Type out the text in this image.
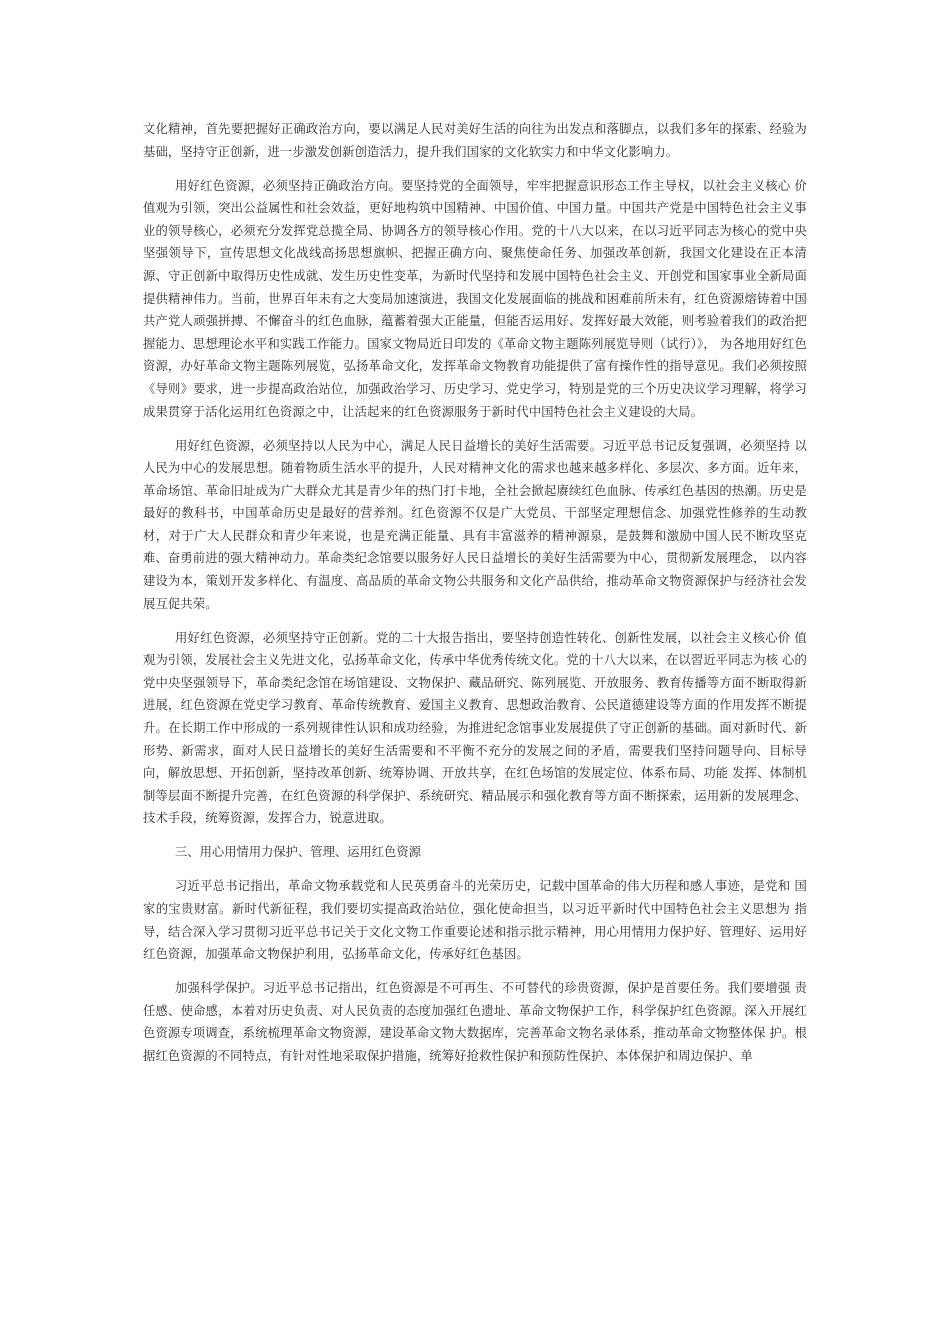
文化精神，首先要把握好正确政治方向，要以满足人民对美好生活的向往为出发点和落脚点，以我们多年的探索、经验为基础，坚持守正创新，进一步激发创新创造活力，提升我们国家的文化软实力和中华文化影响力。

用好红色资源，必须坚持正确政治方向。要坚持党的全面领导，牢牢把握意识形态工作主导权，以社会主义核心 价值观为引领，突出公益属性和社会效益，更好地构筑中国精神、中国价值、中国力量。中国共产党是中国特色社会主义事业的领导核心，必须充分发挥党总揽全局、协调各方的领导核心作用。党的十八大以来，在以习近平同志为核心的党中央坚强领导下，宣传思想文化战线高扬思想旗帜、把握正确方向、聚焦使命任务、加强改革创新，我国文化建设在正本清源、守正创新中取得历史性成就、发生历史性变革，为新时代坚持和发展中国特色社会主义、开创党和国家事业全新局面提供精神伟力。当前，世界百年未有之大变局加速演进，我国文化发展面临的挑战和困难前所未有，红色资源熔铸着中国共产党人顽强拼搏、不懈奋斗的红色血脉，蕴蓄着强大正能量，但能否运用好、发挥好最大效能，则考验着我们的政治把握能力、思想理论水平和实践工作能力。国家文物局近日印发的《革命文物主题陈列展览导则（试行）》， 为各地用好红色资源，办好革命文物主题陈列展览，弘扬革命文化，发挥革命文物教育功能提供了富有操作性的指导意见。我们必须按照《导则》要求，进一步提高政治站位，加强政治学习、历史学习、党史学习，特别是党的三个历史决议学习理解，将学习成果贯穿于活化运用红色资源之中，让活起来的红色资源服务于新时代中国特色社会主义建设的大局。

用好红色资源，必须坚持以人民为中心，满足人民日益增长的美好生活需要。习近平总书记反复强调，必须坚持 以人民为中心的发展思想。随着物质生活水平的提升，人民对精神文化的需求也越来越多样化、多层次、多方面。近年来，革命场馆、革命旧址成为广大群众尤其是青少年的热门打卡地，全社会掀起赓续红色血脉、传承红色基因的热潮。历史是最好的教科书，中国革命历史是最好的营养剂。红色资源不仅是广大党员、干部坚定理想信念、加强党性修养的生动教材，对于广大人民群众和青少年来说，也是充满正能量、具有丰富滋养的精神源泉，是鼓舞和激励中国人民不断攻坚克难、奋勇前进的强大精神动力。革命类纪念馆要以服务好人民日益增长的美好生活需要为中心，贯彻新发展理念， 以内容建设为本，策划开发多样化、有温度、高品质的革命文物公共服务和文化产品供给，推动革命文物资源保护与经济社会发展互促共荣。

用好红色资源，必须坚持守正创新。党的二十大报告指出，要坚持创造性转化、创新性发展，以社会主义核心价 值观为引领，发展社会主义先进文化，弘扬革命文化，传承中华优秀传统文化。党的十八大以来，在以習近平同志为核 心的党中央坚强领导下，革命类纪念馆在场馆建设、文物保护、藏品研究、陈列展览、开放服务、教育传播等方面不断取得新进展，红色资源在党史学习教育、革命传统教育、爱国主义教育、思想政治教育、公民道德建设等方面的作用发挥不断提升。在长期工作中形成的一系列规律性认识和成功经验，为推进纪念馆事业发展提供了守正创新的基础。面对新时代、新形势、新需求，面对人民日益增长的美好生活需要和不平衡不充分的发展之间的矛盾，需要我们坚持问题导向、目标导向，解放思想、开拓创新，坚持改革创新、统筹协调、开放共享，在红色场馆的发展定位、体系布局、功能 发挥、体制机制等层面不断提升完善，在红色资源的科学保护、系统研究、精品展示和强化教育等方面不断探索，运用新的发展理念、技术手段，统筹资源，发挥合力，锐意进取。

三、用心用情用力保护、管理、运用红色资源

习近平总书记指出，革命文物承载党和人民英勇奋斗的光荣历史，记载中国革命的伟大历程和感人事迹，是党和 国家的宝贵财富。新时代新征程，我们要切实提高政治站位，强化使命担当，以习近平新时代中国特色社会主义思想为 指导，结合深入学习贯彻习近平总书记关于文化文物工作重要论述和指示批示精神，用心用情用力保护好、管理好、运用好红色资源，加强革命文物保护利用，弘扬革命文化，传承好红色基因。

加强科学保护。习近平总书记指出，红色资源是不可再生、不可替代的珍贵资源，保护是首要任务。我们要增强 责任感、使命感，本着对历史负责、对人民负责的态度加强红色遗址、革命文物保护工作，科学保护红色资源。深入开展红色资源专项调查，系统梳理革命文物资源，建设革命文物大数据库，完善革命文物名录体系，推动革命文物整体保 护。根据红色资源的不同特点，有针对性地采取保护措施，统筹好抢救性保护和预防性保护、本体保护和周边保护、单
